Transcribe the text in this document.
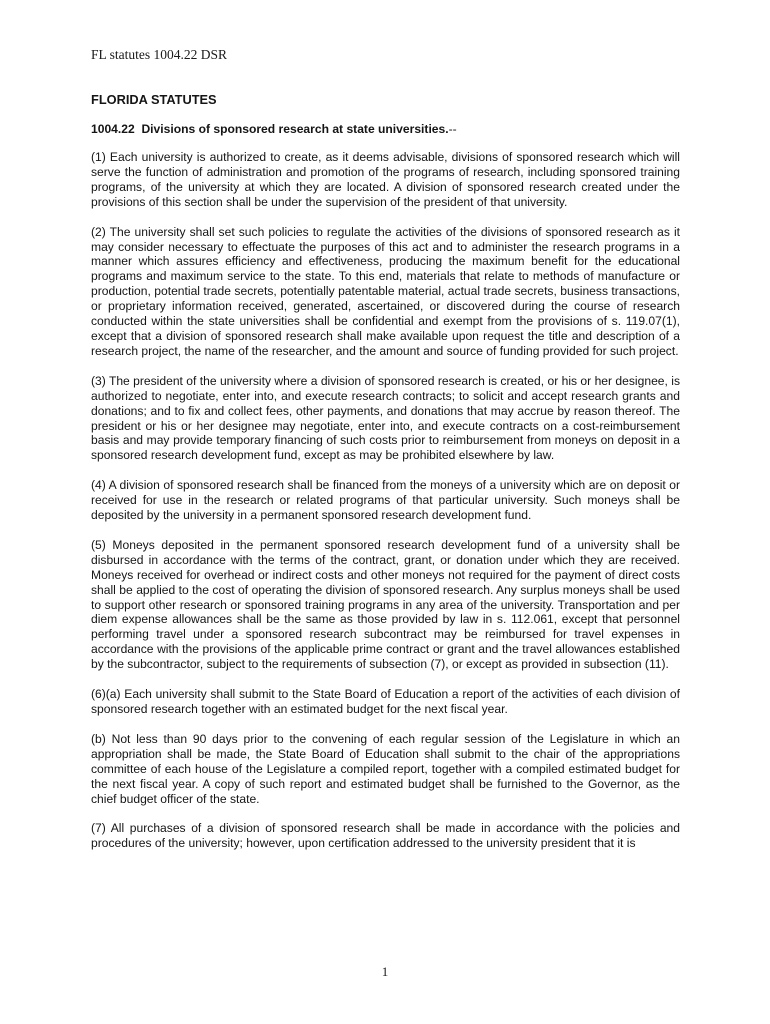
FL statutes 1004.22 DSR
FLORIDA STATUTES
1004.22 Divisions of sponsored research at state universities.--

(1) Each university is authorized to create, as it deems advisable, divisions of sponsored research which will serve the function of administration and promotion of the programs of research, including sponsored training programs, of the university at which they are located. A division of sponsored research created under the provisions of this section shall be under the supervision of the president of that university.

(2) The university shall set such policies to regulate the activities of the divisions of sponsored research as it may consider necessary to effectuate the purposes of this act and to administer the research programs in a manner which assures efficiency and effectiveness, producing the maximum benefit for the educational programs and maximum service to the state. To this end, materials that relate to methods of manufacture or production, potential trade secrets, potentially patentable material, actual trade secrets, business transactions, or proprietary information received, generated, ascertained, or discovered during the course of research conducted within the state universities shall be confidential and exempt from the provisions of s. 119.07(1), except that a division of sponsored research shall make available upon request the title and description of a research project, the name of the researcher, and the amount and source of funding provided for such project.

(3) The president of the university where a division of sponsored research is created, or his or her designee, is authorized to negotiate, enter into, and execute research contracts; to solicit and accept research grants and donations; and to fix and collect fees, other payments, and donations that may accrue by reason thereof. The president or his or her designee may negotiate, enter into, and execute contracts on a cost-reimbursement basis and may provide temporary financing of such costs prior to reimbursement from moneys on deposit in a sponsored research development fund, except as may be prohibited elsewhere by law.

(4) A division of sponsored research shall be financed from the moneys of a university which are on deposit or received for use in the research or related programs of that particular university. Such moneys shall be deposited by the university in a permanent sponsored research development fund.

(5) Moneys deposited in the permanent sponsored research development fund of a university shall be disbursed in accordance with the terms of the contract, grant, or donation under which they are received. Moneys received for overhead or indirect costs and other moneys not required for the payment of direct costs shall be applied to the cost of operating the division of sponsored research. Any surplus moneys shall be used to support other research or sponsored training programs in any area of the university. Transportation and per diem expense allowances shall be the same as those provided by law in s. 112.061, except that personnel performing travel under a sponsored research subcontract may be reimbursed for travel expenses in accordance with the provisions of the applicable prime contract or grant and the travel allowances established by the subcontractor, subject to the requirements of subsection (7), or except as provided in subsection (11).

(6)(a) Each university shall submit to the State Board of Education a report of the activities of each division of sponsored research together with an estimated budget for the next fiscal year.

(b) Not less than 90 days prior to the convening of each regular session of the Legislature in which an appropriation shall be made, the State Board of Education shall submit to the chair of the appropriations committee of each house of the Legislature a compiled report, together with a compiled estimated budget for the next fiscal year. A copy of such report and estimated budget shall be furnished to the Governor, as the chief budget officer of the state.

(7) All purchases of a division of sponsored research shall be made in accordance with the policies and procedures of the university; however, upon certification addressed to the university president that it is

1
